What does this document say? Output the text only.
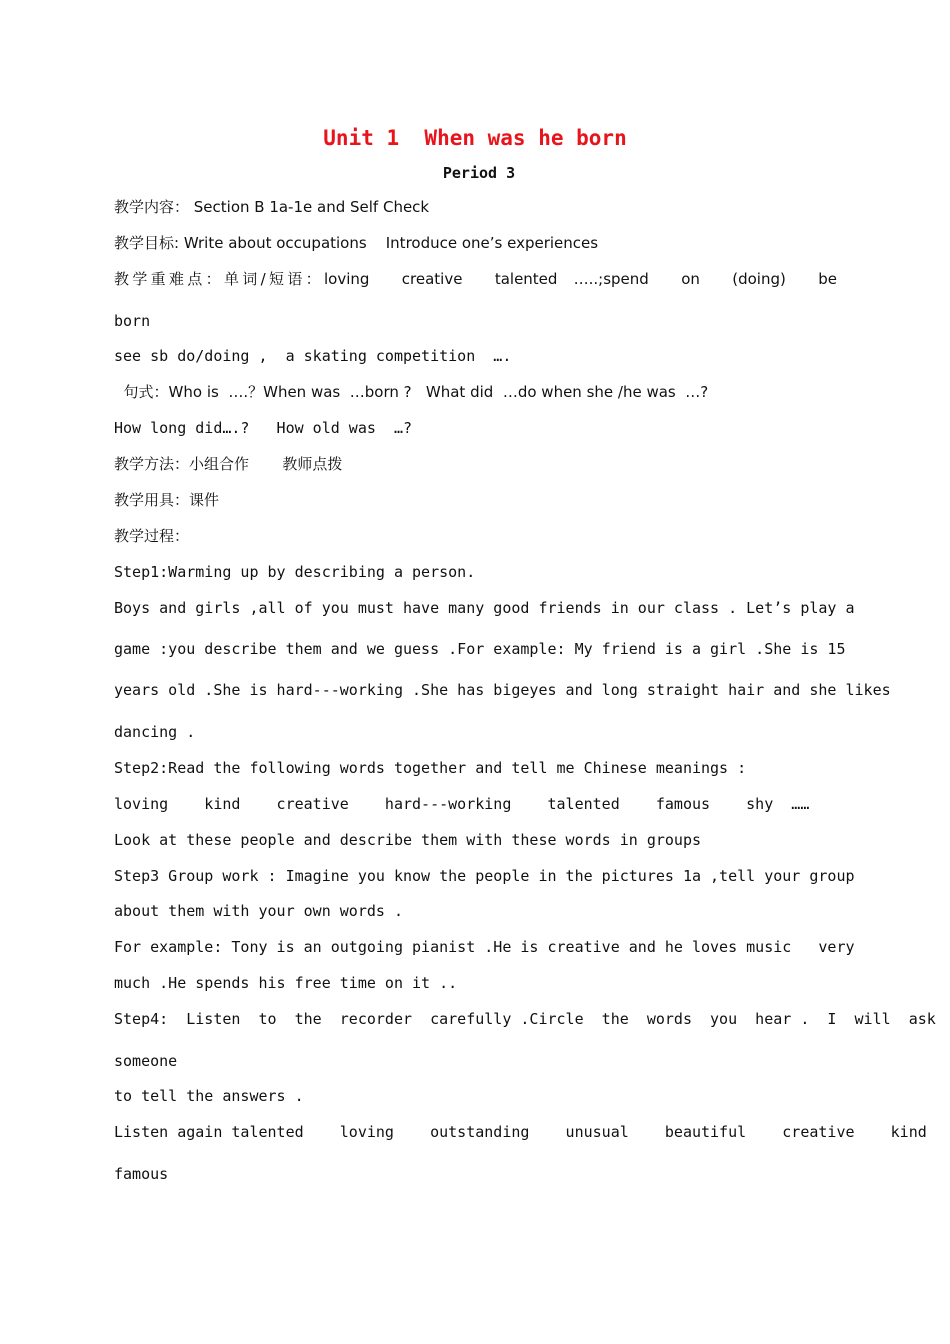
Unit 1  When was he born
Period 3
教学内容： Section B 1a-1e and Self Check
教学目标: Write about occupations    Introduce one’s experiences
教学重难点：单词/短语：loving    creative    talented  …..;spend    on    (doing)    be
born
see sb do/doing ,  a skating competition  ….
句式：Who is  ….？When was  …born ?   What did  …do when she /he was  …?
How long did….?   How old was  …?
教学方法：小组合作       教师点拨
教学用具：课件
教学过程：
Step1:Warming up by describing a person.
Boys and girls ,all of you must have many good friends in our class . Let’s play a
game :you describe them and we guess .For example: My friend is a girl .She is 15
years old .She is hard---working .She has bigeyes and long straight hair and she likes
dancing .
Step2:Read the following words together and tell me Chinese meanings :
loving    kind    creative    hard---working    talented    famous    shy  ……
Look at these people and describe them with these words in groups
Step3 Group work : Imagine you know the people in the pictures 1a ,tell your group
about them with your own words .
For example: Tony is an outgoing pianist .He is creative and he loves music   very
much .He spends his free time on it ..
Step4:  Listen  to  the  recorder  carefully .Circle  the  words  you  hear .  I  will  ask
someone
to tell the answers .
Listen again talented    loving    outstanding    unusual    beautiful    creative    kind
famous
